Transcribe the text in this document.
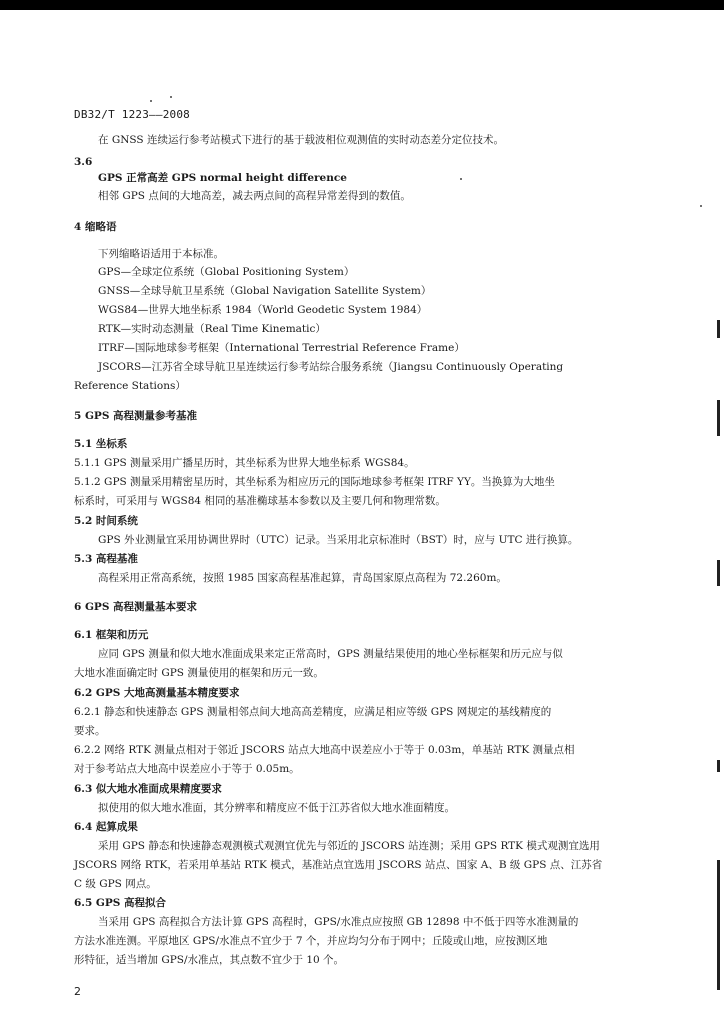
DB32/T 1223——2008
在 GNSS 连续运行参考站模式下进行的基于载波相位观测值的实时动态差分定位技术。
3.6
GPS 正常高差 GPS normal height difference
相邻 GPS 点间的大地高差，减去两点间的高程异常差得到的数值。
4 缩略语
下列缩略语适用于本标准。
GPS—全球定位系统（Global Positioning System）
GNSS—全球导航卫星系统（Global Navigation Satellite System）
WGS84—世界大地坐标系 1984（World Geodetic System 1984）
RTK—实时动态测量（Real Time Kinematic）
ITRF—国际地球参考框架（International Terrestrial Reference Frame）
JSCORS—江苏省全球导航卫星连续运行参考站综合服务系统（Jiangsu Continuously Operating
Reference Stations）
5 GPS 高程测量参考基准
5.1 坐标系
5.1.1 GPS 测量采用广播星历时，其坐标系为世界大地坐标系 WGS84。
5.1.2 GPS 测量采用精密星历时，其坐标系为相应历元的国际地球参考框架 ITRF YY。当换算为大地坐
标系时，可采用与 WGS84 相同的基准椭球基本参数以及主要几何和物理常数。
5.2 时间系统
GPS 外业测量宜采用协调世界时（UTC）记录。当采用北京标准时（BST）时，应与 UTC 进行换算。
5.3 高程基准
高程采用正常高系统，按照 1985 国家高程基准起算，青岛国家原点高程为 72.260m。
6 GPS 高程测量基本要求
6.1 框架和历元
应同 GPS 测量和似大地水准面成果来定正常高时，GPS 测量结果使用的地心坐标框架和历元应与似
大地水准面确定时 GPS 测量使用的框架和历元一致。
6.2 GPS 大地高测量基本精度要求
6.2.1 静态和快速静态 GPS 测量相邻点间大地高高差精度，应满足相应等级 GPS 网规定的基线精度的
要求。
6.2.2 网络 RTK 测量点相对于邻近 JSCORS 站点大地高中误差应小于等于 0.03m，单基站 RTK 测量点相
对于参考站点大地高中误差应小于等于 0.05m。
6.3 似大地水准面成果精度要求
拟使用的似大地水准面，其分辨率和精度应不低于江苏省似大地水准面精度。
6.4 起算成果
采用 GPS 静态和快速静态观测模式观测宜优先与邻近的 JSCORS 站连测；采用 GPS RTK 模式观测宜选用
JSCORS 网络 RTK，若采用单基站 RTK 模式，基准站点宜选用 JSCORS 站点、国家 A、B 级 GPS 点、江苏省
C 级 GPS 网点。
6.5 GPS 高程拟合
当采用 GPS 高程拟合方法计算 GPS 高程时，GPS/水准点应按照 GB 12898 中不低于四等水准测量的
方法水准连测。平原地区 GPS/水准点不宜少于 7 个，并应均匀分布于网中；丘陵或山地，应按测区地
形特征，适当增加 GPS/水准点，其点数不宜少于 10 个。
2
